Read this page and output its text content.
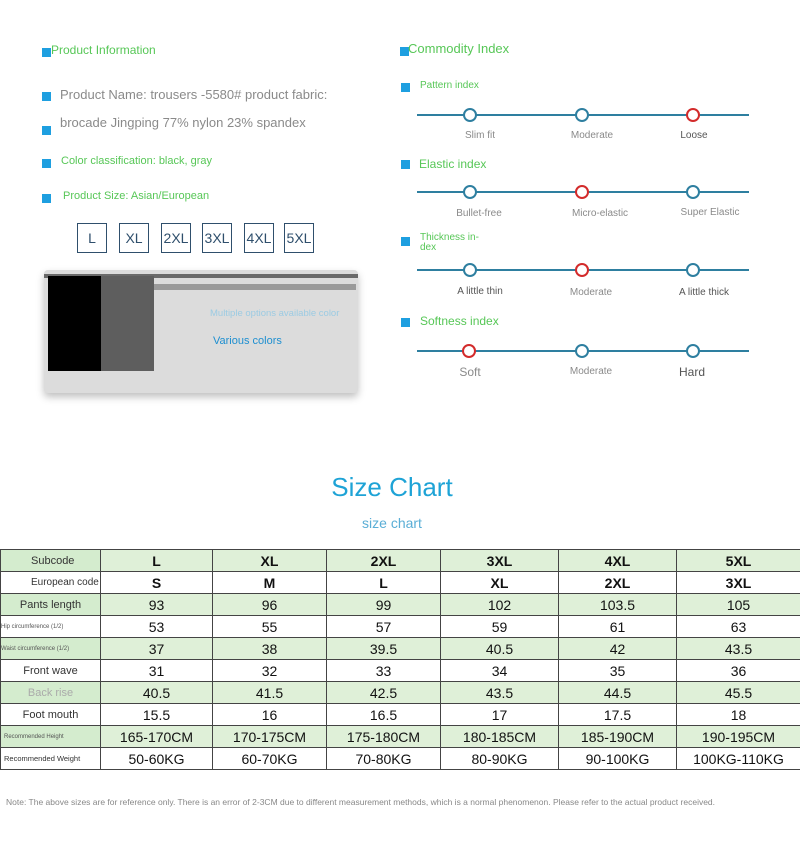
Product Information
Product Name: trousers -5580# product fabric:
brocade Jingping 77% nylon 23% spandex
Color classification: black, gray
Product Size: Asian/European
L	XL	2XL 3XL 4XL 5XL
Multiple options available color
Various colors
Commodity Index
Pattern index
Slim fit	Moderate	Loose
Elastic index
Bullet-free	Micro-elastic	Super Elastic
Thickness in-
dex
A little thin	Moderate	A little thick
Softness index
Soft	Moderate	Hard
Size Chart
size chart
Subcode	L	XL	2XL	3XL	4XL	5XL
European code	S	M	L	XL	2XL	3XL
Pants length	93	96	99	102	103.5	105
Hip circumference (1/2)	53	55	57	59	61	63
Waist circumference (1/2)	37	38	39.5	40.5	42	43.5
Front wave	31	32	33	34	35	36
Back rise	40.5	41.5	42.5	43.5	44.5	45.5
Foot mouth	15.5	16	16.5	17	17.5	18
Recommended Height	165-170CM	170-175CM	175-180CM	180-185CM	185-190CM	190-195CM
Recommended Weight	50-60KG	60-70KG	70-80KG	80-90KG	90-100KG	100KG-110KG
Note: The above sizes are for reference only. There is an error of 2-3CM due to different measurement methods, which is a normal phenomenon. Please refer to the actual product received.
